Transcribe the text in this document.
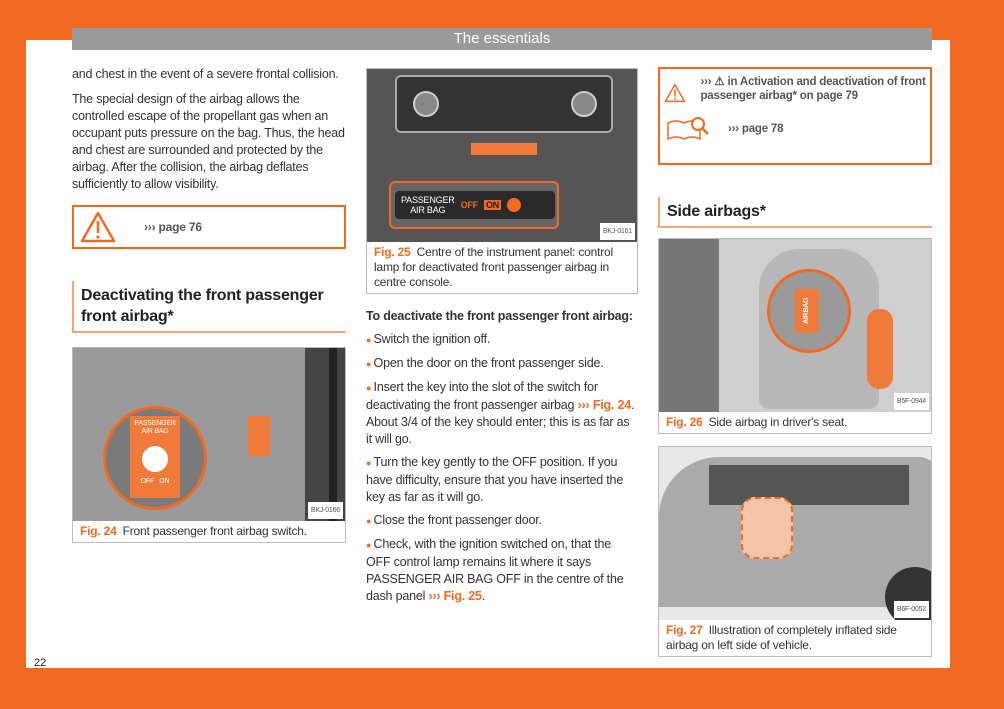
The essentials
22

and chest in the event of a severe frontal collision.

The special design of the airbag allows the controlled escape of the propellant gas when an occupant puts pressure on the bag. Thus, the head and chest are surrounded and protected by the airbag. After the collision, the airbag deflates sufficiently to allow visibility.

››› page 76
Deactivating the front passenger front airbag*
PASSENGER
AIR BAG
OFF ON
BKJ-0166
Fig. 24 Front passenger front airbag switch.
PASSENGER
AIR BAG	OFF ON
BKJ-0161
Fig. 25 Centre of the instrument panel: control lamp for deactivated front passenger airbag in centre console.

To deactivate the front passenger front airbag:

● Switch the ignition off.
● Open the door on the front passenger side.
● Insert the key into the slot of the switch for deactivating the front passenger airbag ››› Fig. 24. About 3/4 of the key should enter; this is as far as it will go.
● Turn the key gently to the OFF position. If you have difficulty, ensure that you have inserted the key as far as it will go.
● Close the front passenger door.
● Check, with the ignition switched on, that the OFF control lamp remains lit where it says PASSENGER AIR BAG OFF in the centre of the dash panel ››› Fig. 25.
››› ⚠ in Activation and deactivation of front passenger airbag* on page 79
››› page 78
Side airbags*
AIRBAG
B5F-0944
Fig. 26 Side airbag in driver's seat.
B6F-0052
Fig. 27 Illustration of completely inflated side airbag on left side of vehicle.
